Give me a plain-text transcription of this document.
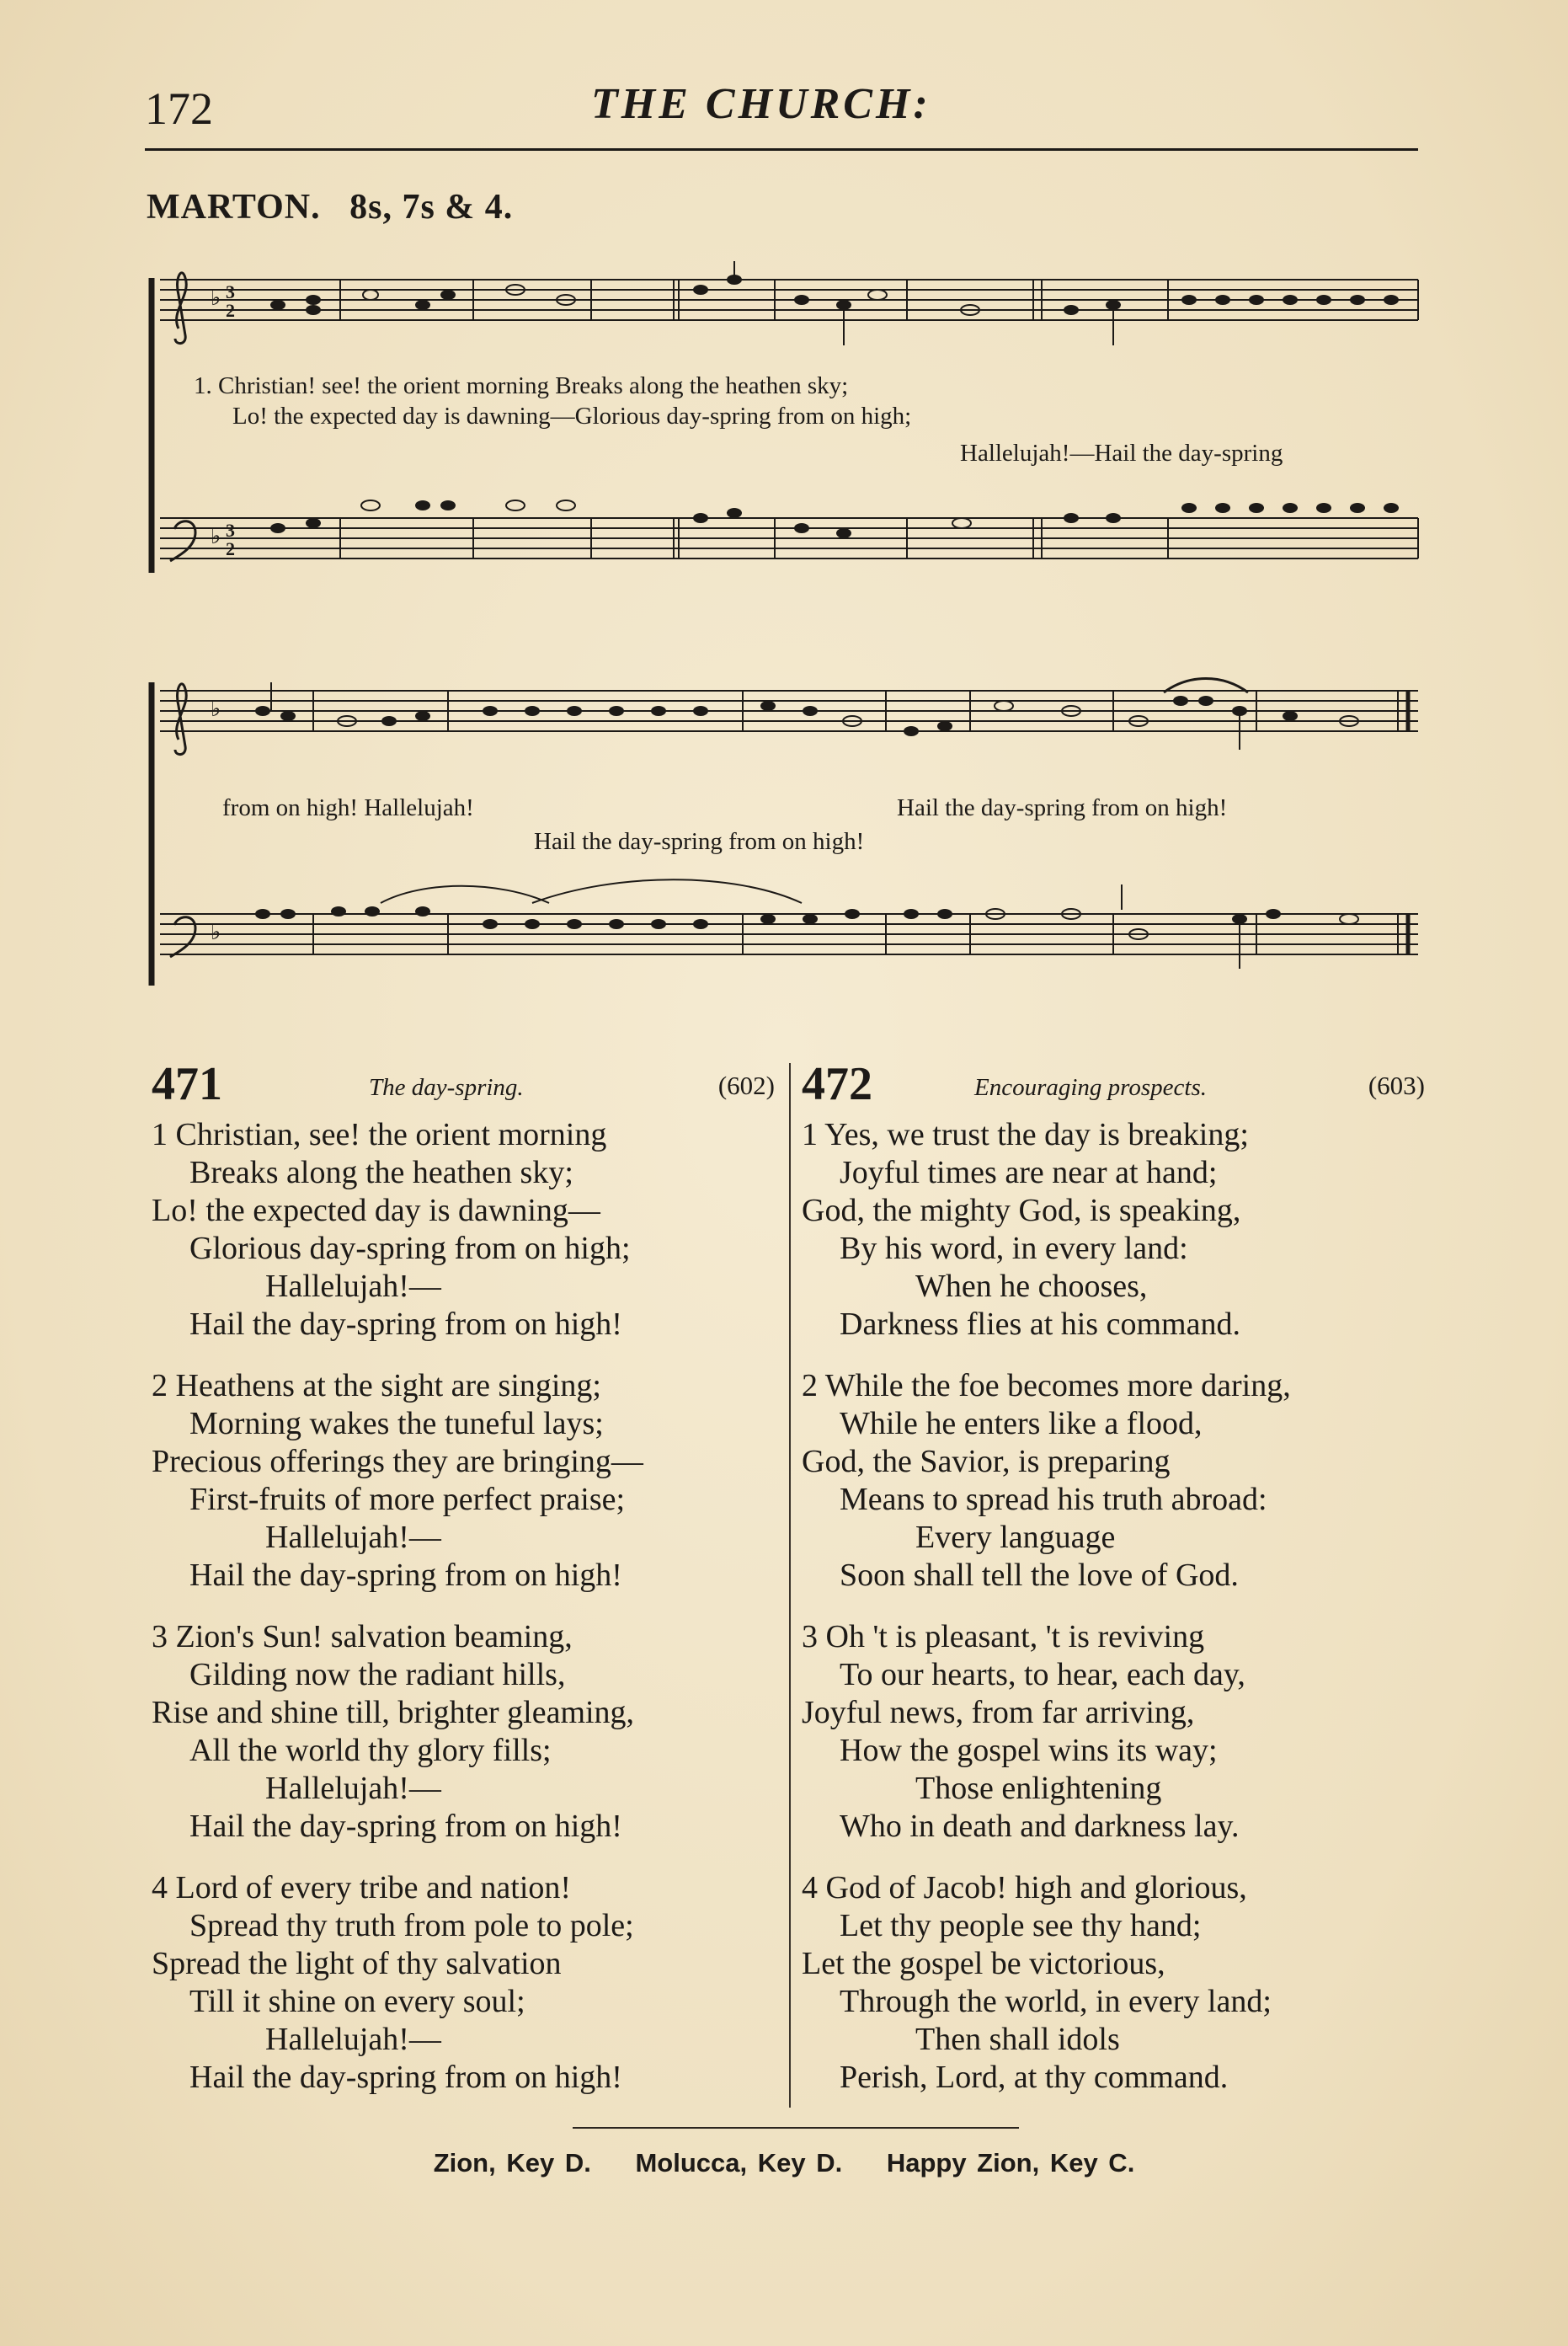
172	THE CHURCH:
MARTON. 8s, 7s & 4.
♭
♭
3
2
3
2
1. Christian! see! the orient morning Breaks along the heathen sky;
Lo! the expected day is dawning—Glorious day-spring from on high;
Hallelujah!—Hail the day-spring
♭
♭
from on high! Hallelujah!	Hail the day-spring from on high!
Hail the day-spring from on high!
471	The day-spring.	(602)
1 Christian, see! the orient morning
Breaks along the heathen sky;
Lo! the expected day is dawning—
Glorious day-spring from on high;
Hallelujah!—
Hail the day-spring from on high!
2 Heathens at the sight are singing;
Morning wakes the tuneful lays;
Precious offerings they are bringing—
First-fruits of more perfect praise;
Hallelujah!—
Hail the day-spring from on high!
3 Zion's Sun! salvation beaming,
Gilding now the radiant hills,
Rise and shine till, brighter gleaming,
All the world thy glory fills;
Hallelujah!—
Hail the day-spring from on high!
4 Lord of every tribe and nation!
Spread thy truth from pole to pole;
Spread the light of thy salvation
Till it shine on every soul;
Hallelujah!—
Hail the day-spring from on high!
472	Encouraging prospects.	(603)
1 Yes, we trust the day is breaking;
Joyful times are near at hand;
God, the mighty God, is speaking,
By his word, in every land:
When he chooses,
Darkness flies at his command.
2 While the foe becomes more daring,
While he enters like a flood,
God, the Savior, is preparing
Means to spread his truth abroad:
Every language
Soon shall tell the love of God.
3 Oh 't is pleasant, 't is reviving
To our hearts, to hear, each day,
Joyful news, from far arriving,
How the gospel wins its way;
Those enlightening
Who in death and darkness lay.
4 God of Jacob! high and glorious,
Let thy people see thy hand;
Let the gospel be victorious,
Through the world, in every land;
Then shall idols
Perish, Lord, at thy command.
Zion, Key D. Molucca, Key D. Happy Zion, Key C.
